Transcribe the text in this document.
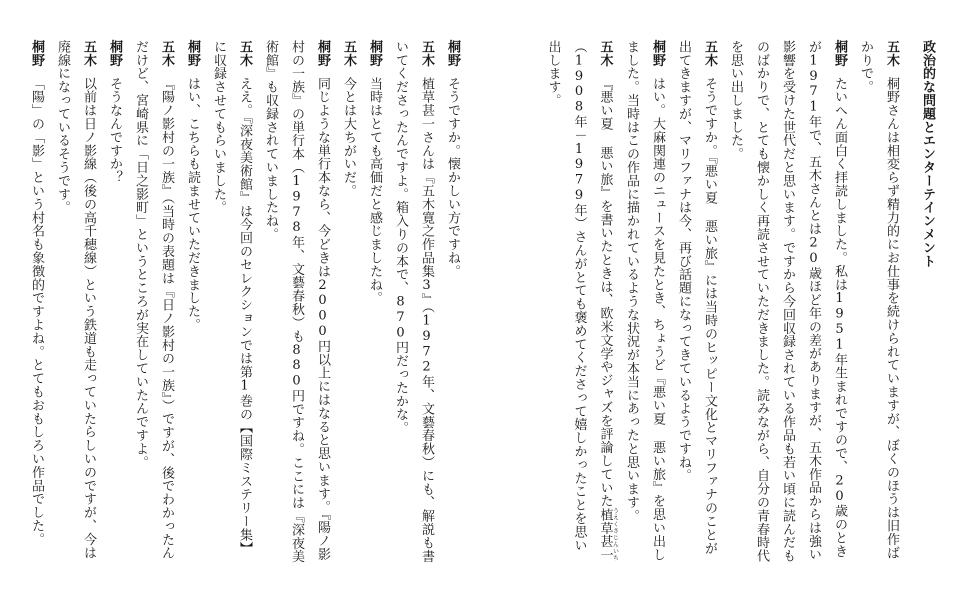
政治的な問題とエンターテインメント
五木桐野さんは相変らず精力的にお仕事を続けられていますが、ぼくのほうは旧作ばかりで。
桐野たいへん面白く拝読しました。私は1951年生まれですので、20歳のときが1971年で、五木さんとは20歳ほど年の差がありますが、五木作品からは強い影響を受けた世代だと思います。ですから今回収録されている作品も若い頃に読んだものばかりで、とても懐かしく再読させていただきました。読みながら、自分の青春時代を思い出しました。
五木そうですか。『悪い夏 悪い旅』には当時のヒッピー文化とマリファナのことが出てきますが、マリファナは今、再び話題になってきているようですね。
桐野はい。大麻関連のニュースを見たとき、ちょうど『悪い夏 悪い旅』を思い出しました。当時はこの作品に描かれているような状況が本当にあったと思います。
五木『悪い夏 悪い旅』を書いたときは、欧米文学やジャズを評論していた植草甚一 うえくさじんいち（1908年－1979年）さんがとても褒めてくださって嬉しかったことを思い出します。
桐野そうですか。懐かしい方ですね。
五木植草甚一さんは『五木寛之作品集3』（1972年、文藝春秋）にも、解説も書いてくださったんですよ。箱入りの本で、870円だったかな。
桐野当時はとても高価だと感じましたね。
五木今とは大ちがいだ。
桐野同じような単行本なら、今どきは2000円以上にはなると思います。『陽ノ影村の一族』の単行本（1978年、文藝春秋）も880円ですね。ここには『深夜美術館』も収録されていましたね。
五木ええ。『深夜美術館』は今回のセレクションでは第1巻の【国際ミステリー集】に収録させてもらいました。
桐野はい、こちらも読ませていただきました。
五木『陽ノ影村の一族』（当時の表題は『日ノ影村の一族』）ですが、後でわかったんだけど、宮崎県に「日之影町」というところが実在していたんですよ。
桐野そうなんですか？
五木以前は日ノ影線（後の高千穂線）という鉄道も走っていたらしいのですが、今は廃線になっているそうです。
桐野「陽」の「影」という村名も象徴的ですよね。とてもおもしろい作品でした。
